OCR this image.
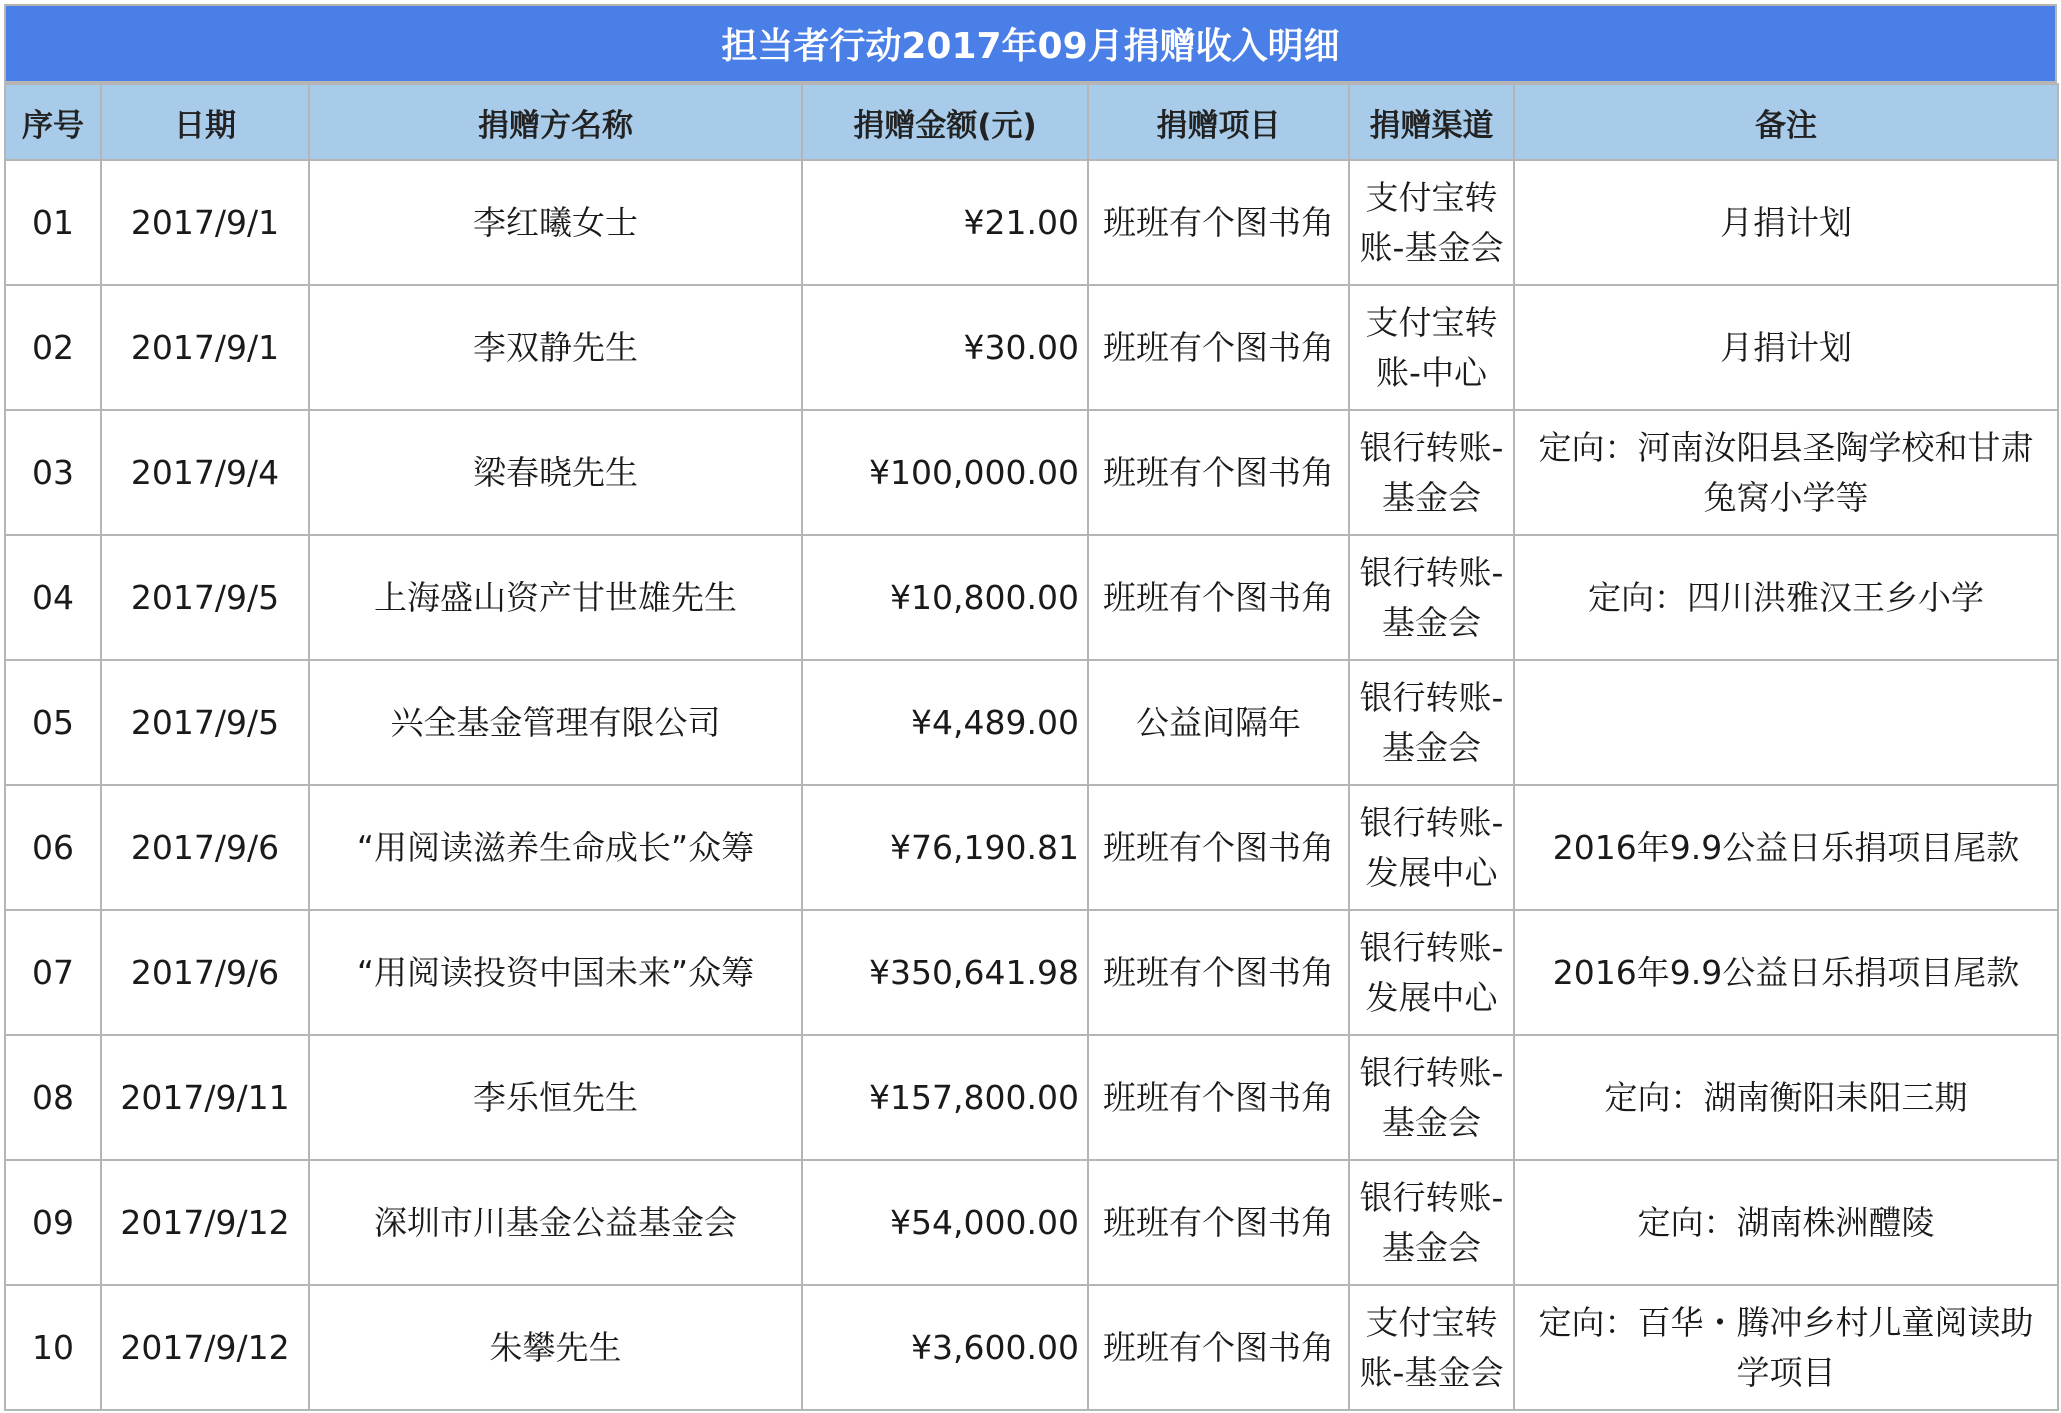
担当者行动2017年09月捐赠收入明细
序号	日期	捐赠方名称	捐赠金额(元)	捐赠项目	捐赠渠道	备注
01	2017/9/1	李红曦女士	¥21.00	班班有个图书角	支付宝转账-基金会	月捐计划
02	2017/9/1	李双静先生	¥30.00	班班有个图书角	支付宝转账-中心	月捐计划
03	2017/9/4	梁春晓先生	¥100,000.00	班班有个图书角	银行转账-基金会	定向：河南汝阳县圣陶学校和甘肃兔窝小学等
04	2017/9/5	上海盛山资产甘世雄先生	¥10,800.00	班班有个图书角	银行转账-基金会	定向：四川洪雅汉王乡小学
05	2017/9/5	兴全基金管理有限公司	¥4,489.00	公益间隔年	银行转账-基金会	
06	2017/9/6	“用阅读滋养生命成长”众筹	¥76,190.81	班班有个图书角	银行转账-发展中心	2016年9.9公益日乐捐项目尾款
07	2017/9/6	“用阅读投资中国未来”众筹	¥350,641.98	班班有个图书角	银行转账-发展中心	2016年9.9公益日乐捐项目尾款
08	2017/9/11	李乐恒先生	¥157,800.00	班班有个图书角	银行转账-基金会	定向：湖南衡阳耒阳三期
09	2017/9/12	深圳市川基金公益基金会	¥54,000.00	班班有个图书角	银行转账-基金会	定向：湖南株洲醴陵
10	2017/9/12	朱攀先生	¥3,600.00	班班有个图书角	支付宝转账-基金会	定向：百华・腾冲乡村儿童阅读助学项目
